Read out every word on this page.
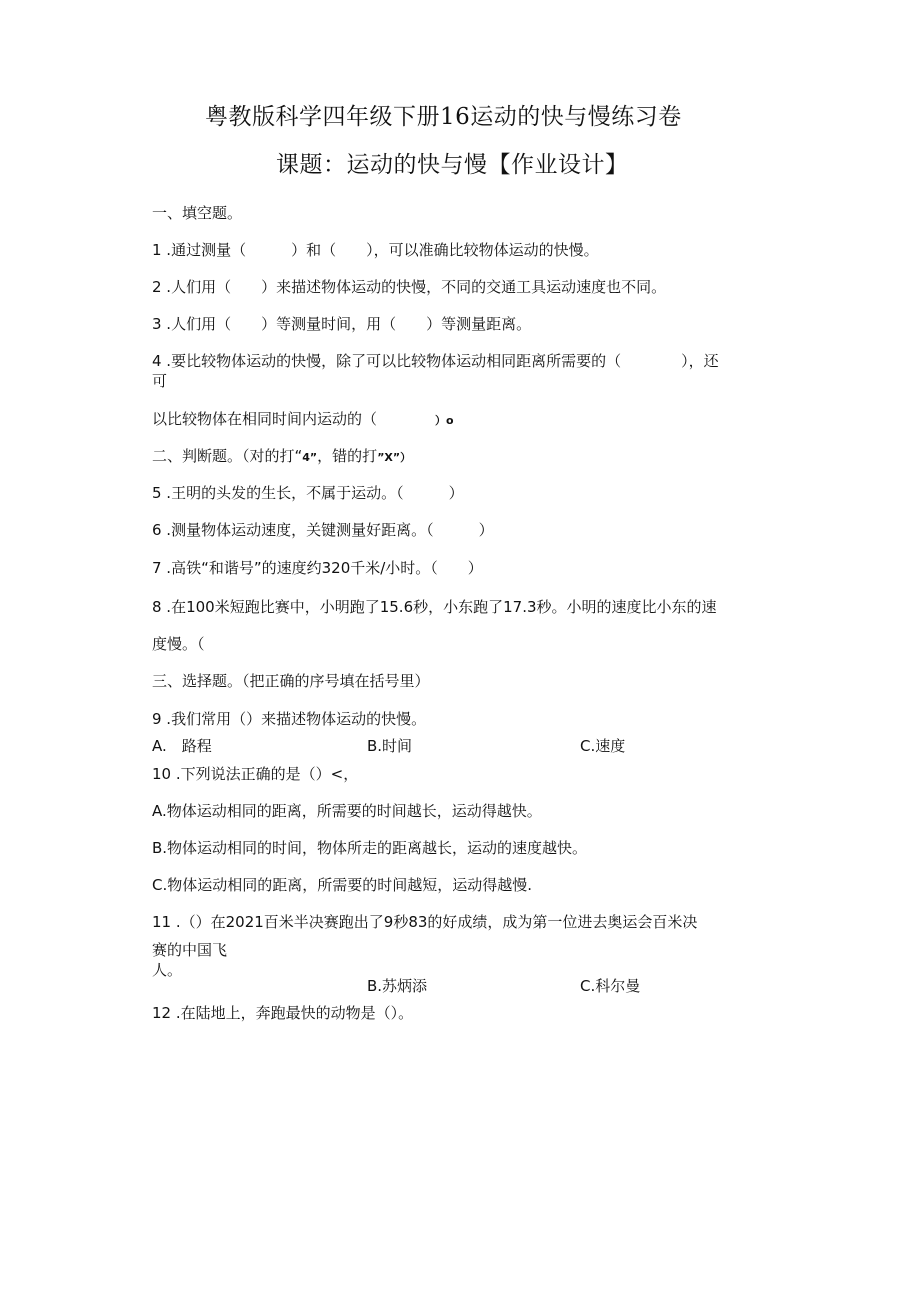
粤教版科学四年级下册16运动的快与慢练习卷
课题：运动的快与慢【作业设计】
一、填空题。
1 .通过测量（　　　）和（　　），可以准确比较物体运动的快慢。
2 .人们用（　　）来描述物体运动的快慢，不同的交通工具运动速度也不同。
3 .人们用（　　）等测量时间，用（　　）等测量距离。
4 .要比较物体运动的快慢，除了可以比较物体运动相同距离所需要的（　　　　），还
可
以比较物体在相同时间内运动的（	）o
二、判断题。（对的打“4”，错的打”X”）
5 .王明的头发的生长，不属于运动。（　　　）
6 .测量物体运动速度，关键测量好距离。（　　　）
7 .高铁“和谐号”的速度约320千米/小时。（　　）
8 .在100米短跑比赛中，小明跑了15.6秒，小东跑了17.3秒。小明的速度比小东的速
度慢。（
三、选择题。（把正确的序号填在括号里）
9 .我们常用（）来描述物体运动的快慢。
A.　路程	B.时间	C.速度
10 .下列说法正确的是（）<，
A.物体运动相同的距离，所需要的时间越长，运动得越快。
B.物体运动相同的时间，物体所走的距离越长，运动的速度越快。
C.物体运动相同的距离，所需要的时间越短，运动得越慢.
11 .（）在2021百米半决赛跑出了9秒83的好成绩，成为第一位进去奥运会百米决
赛的中国飞
人。
B.苏炳添	C.科尔曼
12 .在陆地上，奔跑最快的动物是（）。
